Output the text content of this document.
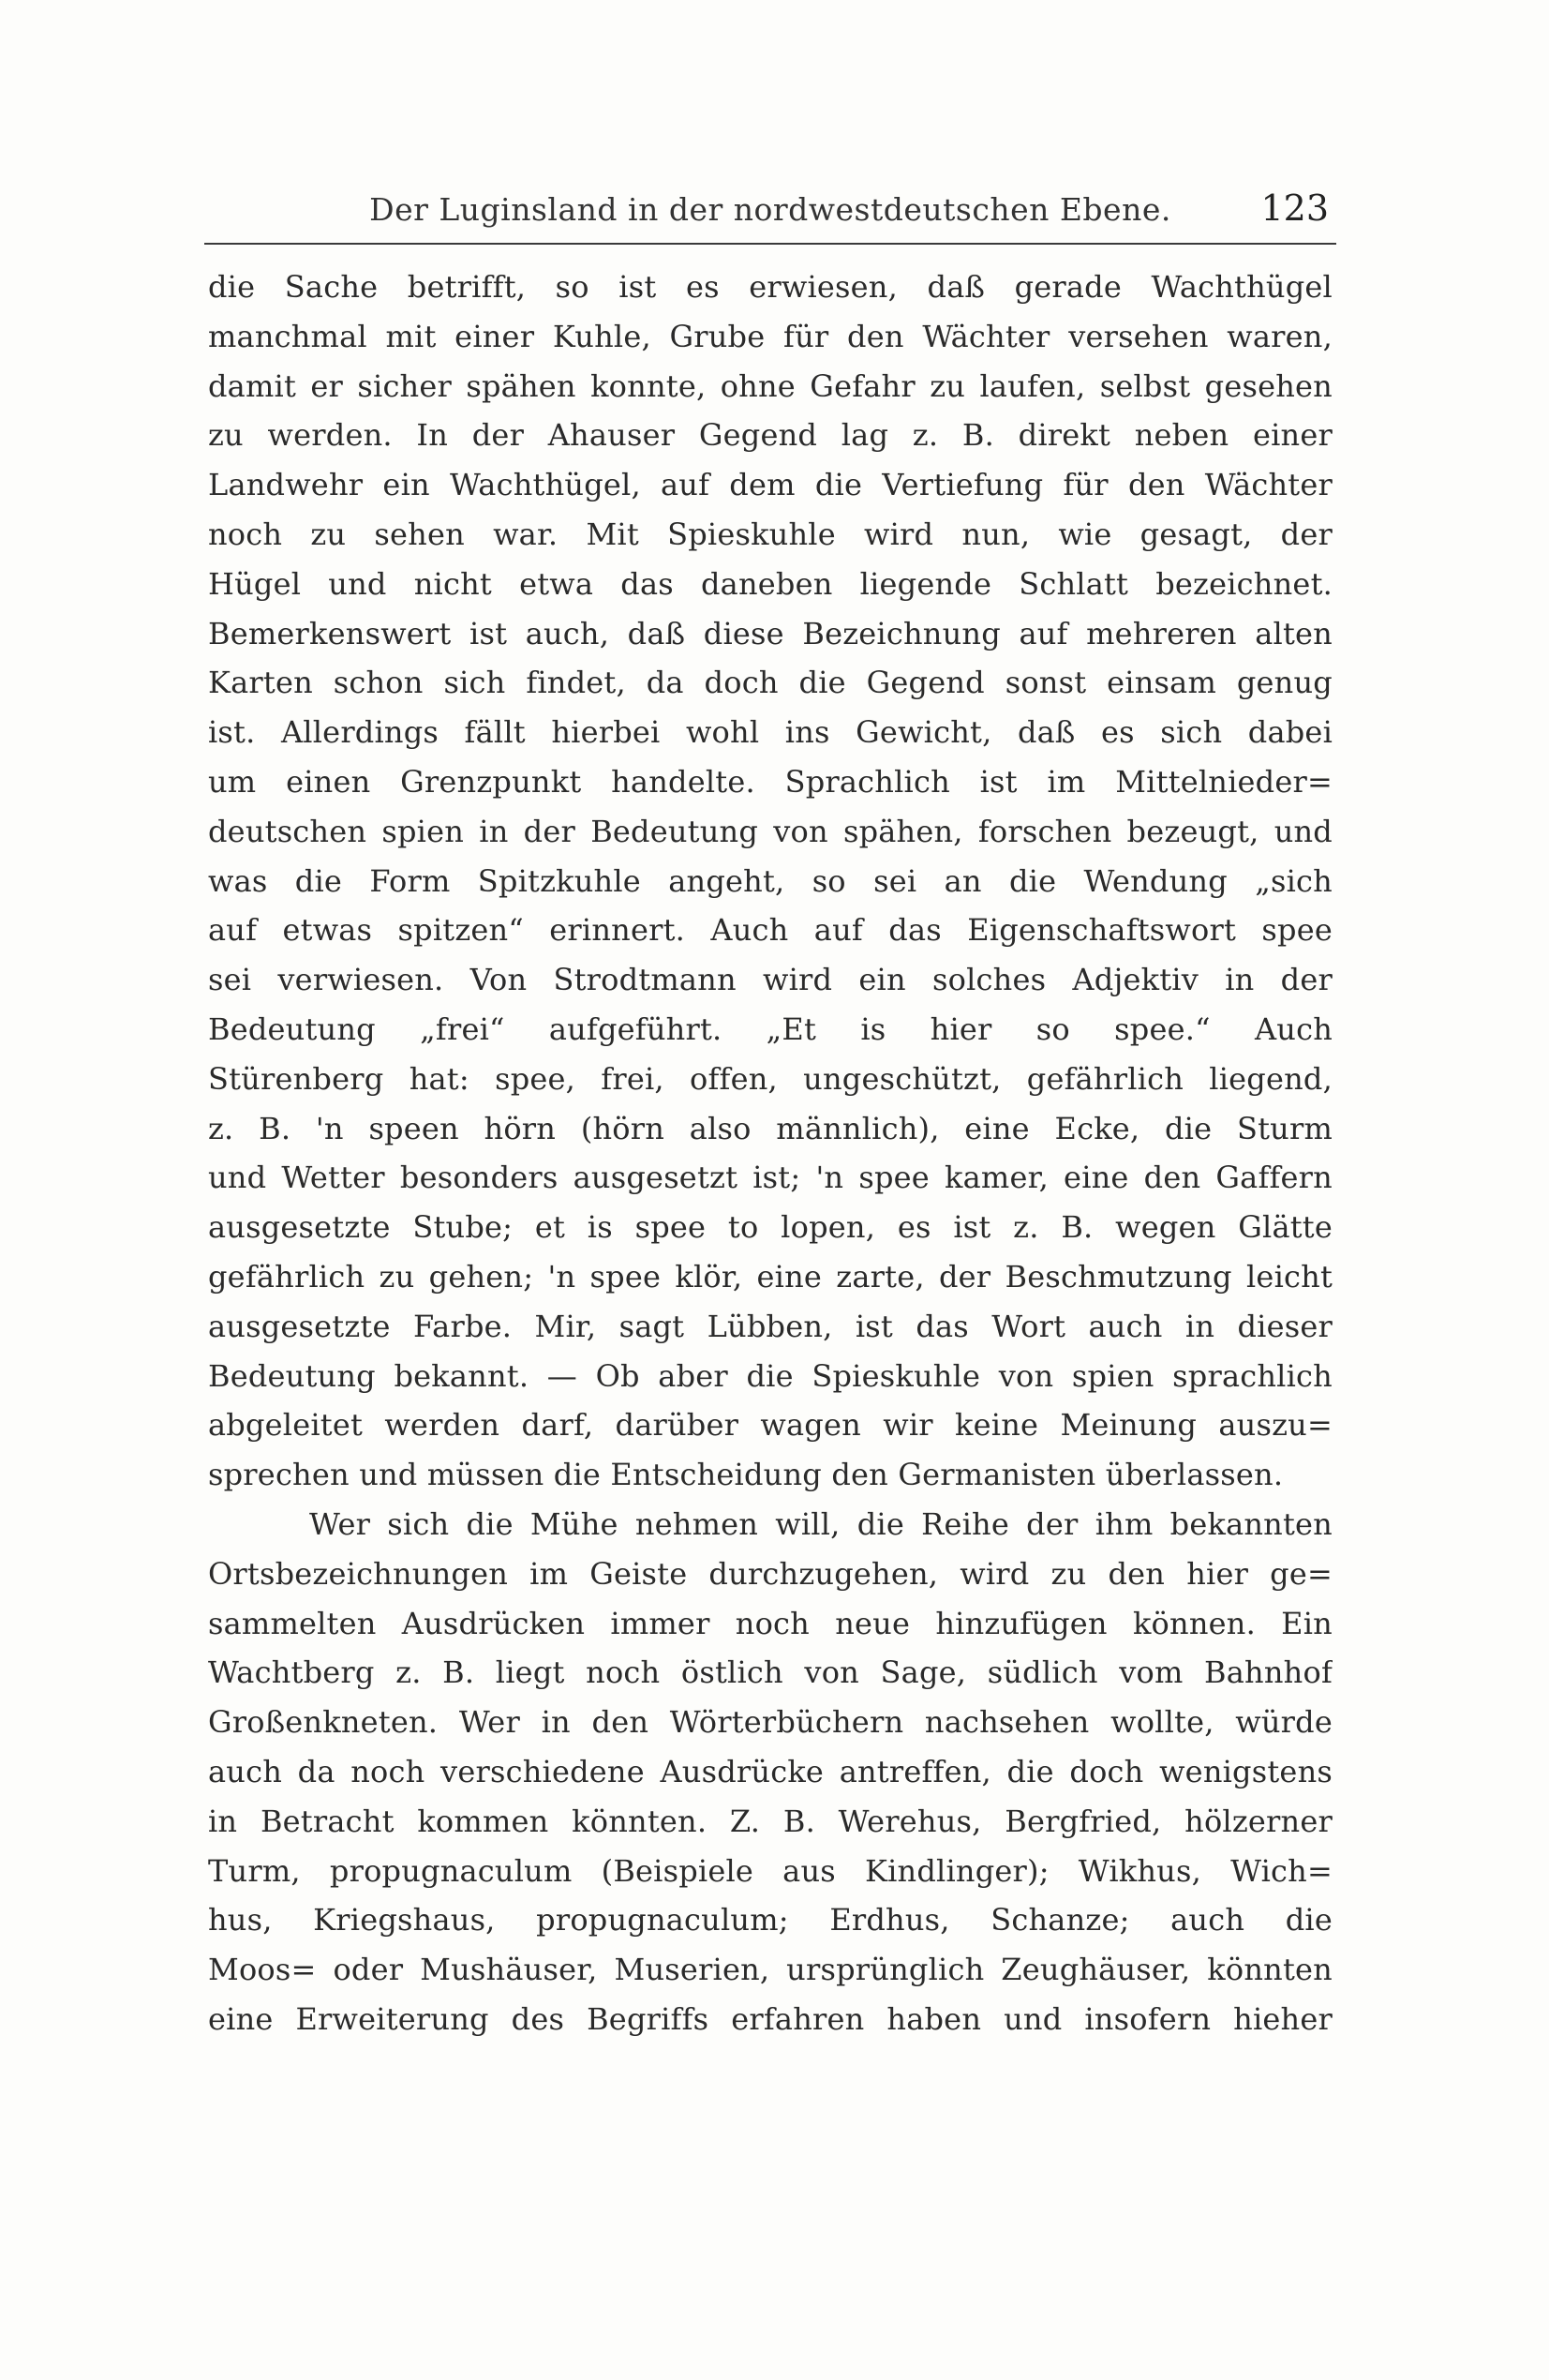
Der Luginsland in der nordwestdeutschen Ebene.	123
die Sache betrifft, so ist es erwiesen, daß gerade Wachthügel
manchmal mit einer Kuhle, Grube für den Wächter versehen waren,
damit er sicher spähen konnte, ohne Gefahr zu laufen, selbst gesehen
zu werden. In der Ahauser Gegend lag z. B. direkt neben einer
Landwehr ein Wachthügel, auf dem die Vertiefung für den Wächter
noch zu sehen war. Mit Spieskuhle wird nun, wie gesagt, der
Hügel und nicht etwa das daneben liegende Schlatt bezeichnet.
Bemerkenswert ist auch, daß diese Bezeichnung auf mehreren alten
Karten schon sich findet, da doch die Gegend sonst einsam genug
ist. Allerdings fällt hierbei wohl ins Gewicht, daß es sich dabei
um einen Grenzpunkt handelte. Sprachlich ist im Mittelnieder=
deutschen spien in der Bedeutung von spähen, forschen bezeugt, und
was die Form Spitzkuhle angeht, so sei an die Wendung „sich
auf etwas spitzen“ erinnert. Auch auf das Eigenschaftswort spee
sei verwiesen. Von Strodtmann wird ein solches Adjektiv in der
Bedeutung „frei“ aufgeführt. „Et is hier so spee.“ Auch
Stürenberg hat: spee, frei, offen, ungeschützt, gefährlich liegend,
z. B. 'n speen hörn (hörn also männlich), eine Ecke, die Sturm
und Wetter besonders ausgesetzt ist; 'n spee kamer, eine den Gaffern
ausgesetzte Stube; et is spee to lopen, es ist z. B. wegen Glätte
gefährlich zu gehen; 'n spee klör, eine zarte, der Beschmutzung leicht
ausgesetzte Farbe. Mir, sagt Lübben, ist das Wort auch in dieser
Bedeutung bekannt. — Ob aber die Spieskuhle von spien sprachlich
abgeleitet werden darf, darüber wagen wir keine Meinung auszu=
sprechen und müssen die Entscheidung den Germanisten überlassen.
Wer sich die Mühe nehmen will, die Reihe der ihm bekannten
Ortsbezeichnungen im Geiste durchzugehen, wird zu den hier ge=
sammelten Ausdrücken immer noch neue hinzufügen können. Ein
Wachtberg z. B. liegt noch östlich von Sage, südlich vom Bahnhof
Großenkneten. Wer in den Wörterbüchern nachsehen wollte, würde
auch da noch verschiedene Ausdrücke antreffen, die doch wenigstens
in Betracht kommen könnten. Z. B. Werehus, Bergfried, hölzerner
Turm, propugnaculum (Beispiele aus Kindlinger); Wikhus, Wich=
hus, Kriegshaus, propugnaculum; Erdhus, Schanze; auch die
Moos= oder Mushäuser, Muserien, ursprünglich Zeughäuser, könnten
eine Erweiterung des Begriffs erfahren haben und insofern hieher
